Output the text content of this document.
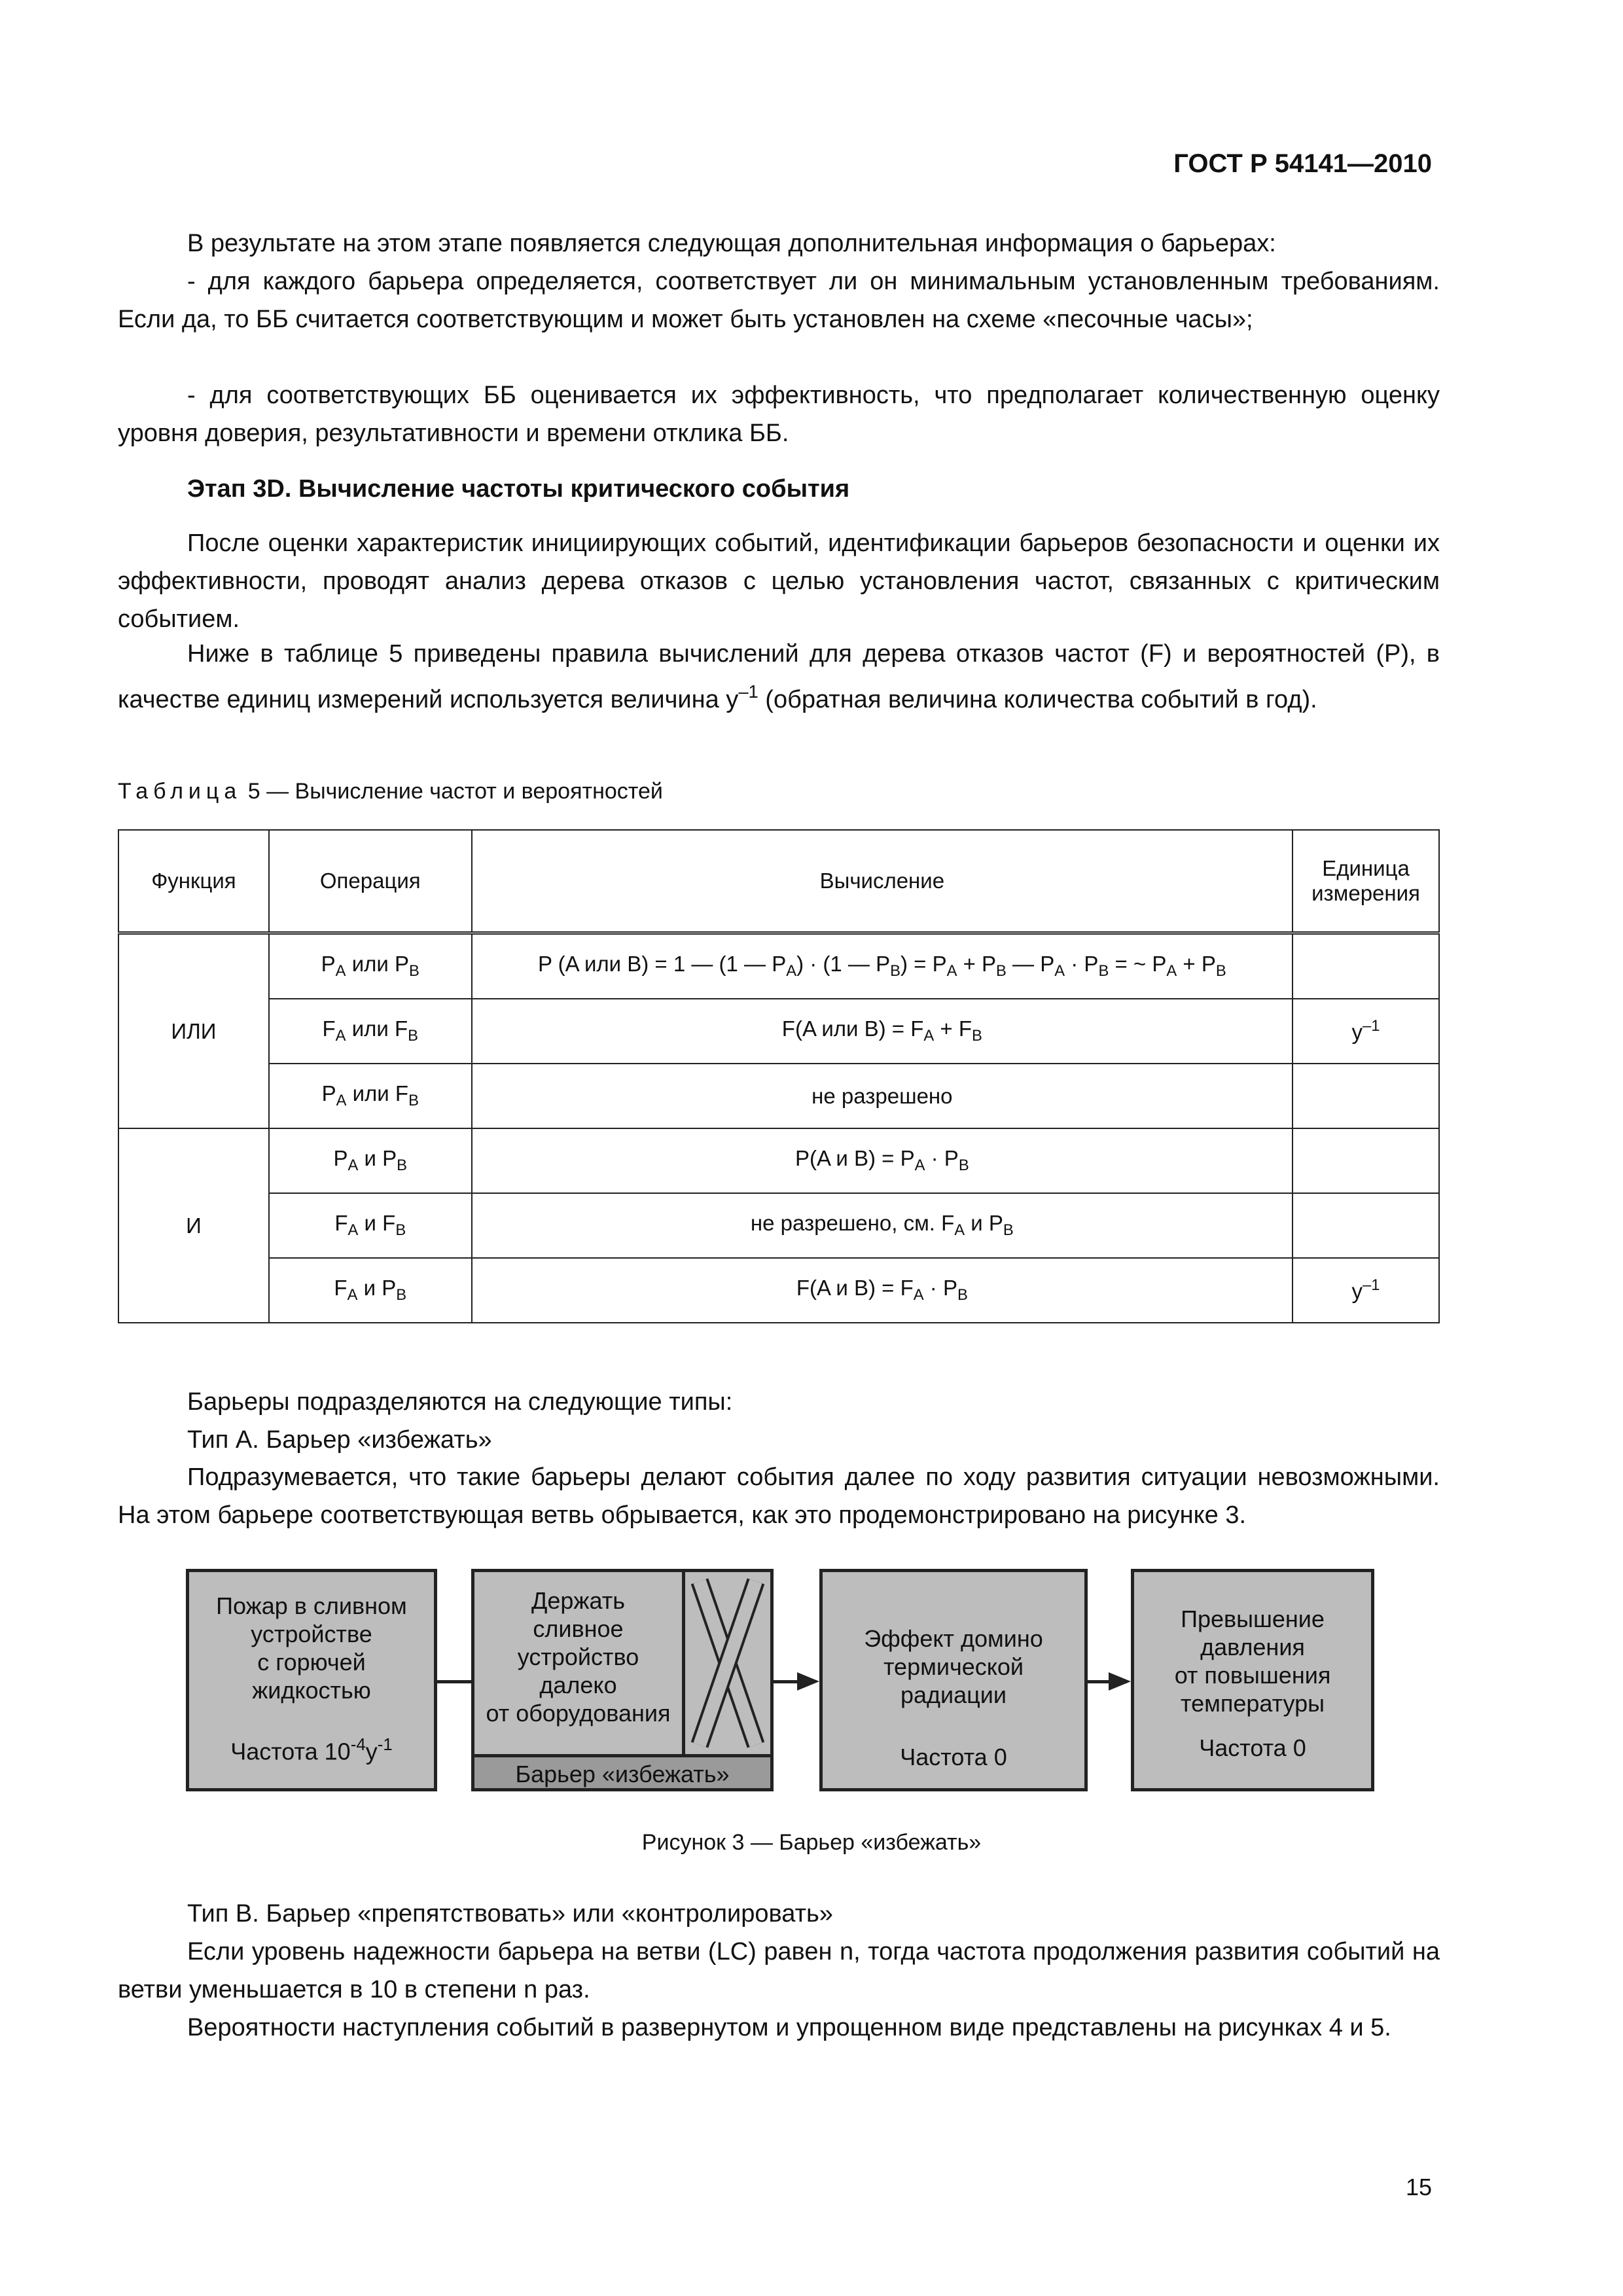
ГОСТ Р 54141—2010

В результате на этом этапе появляется следующая дополнительная информация о барьерах:

- для каждого барьера определяется, соответствует ли он минимальным установленным требованиям. Если да, то ББ считается соответствующим и может быть установлен на схеме «песочные часы»;

- для соответствующих ББ оценивается их эффективность, что предполагает количественную оценку уровня доверия, результативности и времени отклика ББ.

Этап 3D. Вычисление частоты критического события

После оценки характеристик инициирующих событий, идентификации барьеров безопасности и оценки их эффективности, проводят анализ дерева отказов с целью установления частот, связанных с критическим событием.

Ниже в таблице 5 приведены правила вычислений для дерева отказов частот (F) и вероятностей (P), в качестве единиц измерений используется величина $у^{-1}$ (обратная величина количества событий в год).

Таблица 5 — Вычисление частот и вероятностей
Функция	Операция	Вычисление	Единица измерения
ИЛИ	$P_A$ или $P_B$	P (A или B) = 1 — (1 — $P_A) \cdot (1$ — $P_B) = P_A + P_B$ — $P_A \cdot P_B$ = ~ $P_A + P_B$	
	$F_A$ или $F_B$	F(A или $B) = F_A + F_B$	$у^{-1}$
	$P_A$ или $F_B$	не разрешено	
И	$P_A$ и $P_B$	P(A и $B) = P_A \cdot P_B$	
	$F_A$ и $F_B$	не разрешено, см. $F_A$ и $P_B$	
	$F_A$ и $P_B$	F(A и $B) = F_A \cdot P_B$	$у^{-1}$

Барьеры подразделяются на следующие типы:

Тип А. Барьер «избежать»

Подразумевается, что такие барьеры делают события далее по ходу развития ситуации невозможными. На этом барьере соответствующая ветвь обрывается, как это продемонстрировано на рисунке 3.

Пожар в сливном
устройстве
с горючей
жидкостью
Частота $10^{-4}у^{-1}$
Держать
сливное
устройство
далеко
от оборудования
Барьер «избежать»
Эффект домино
термической
радиации
Частота 0
Превышение
давления
от повышения
температуры
Частота 0
Рисунок 3 — Барьер «избежать»

Тип В. Барьер «препятствовать» или «контролировать»

Если уровень надежности барьера на ветви (LC) равен n, тогда частота продолжения развития событий на ветви уменьшается в 10 в степени n раз.

Вероятности наступления событий в развернутом и упрощенном виде представлены на рисунках 4 и 5.

15
